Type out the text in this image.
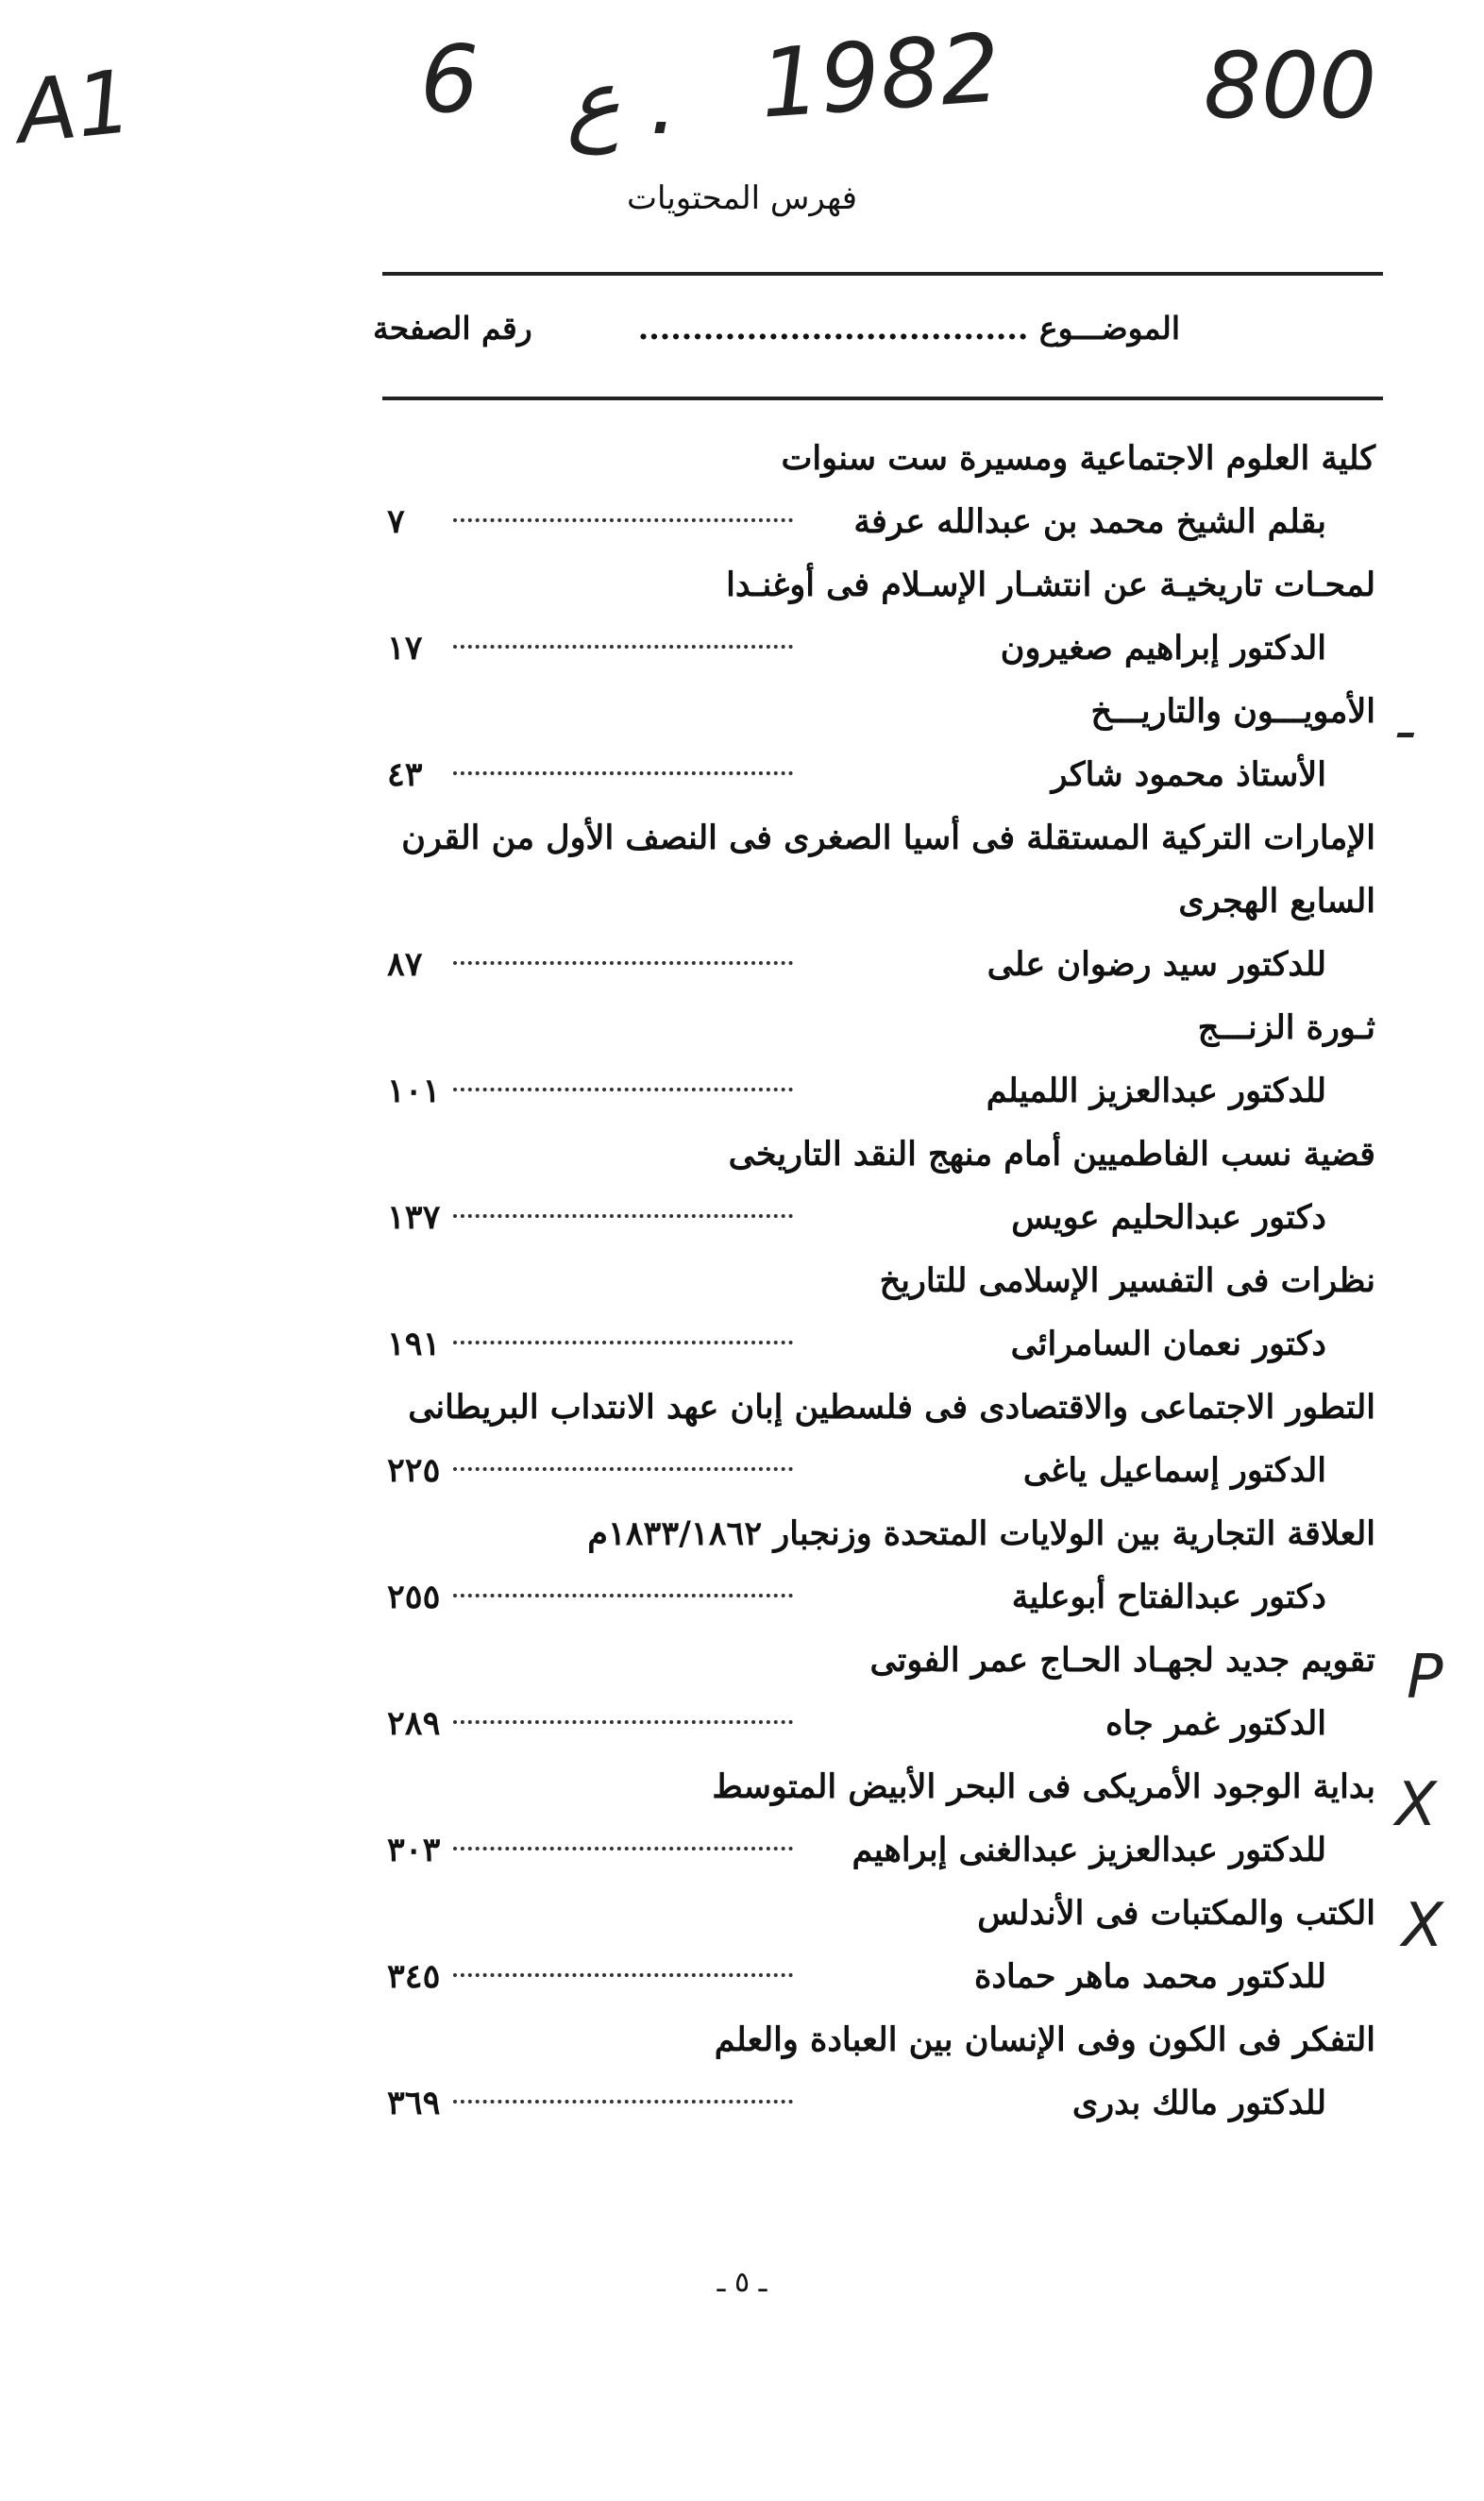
A1	6 ع . 1982 800
فهرس المحتويات
الموضـــوع ....................................
رقم الصفحة
كلية العلوم الاجتماعية ومسيرة ست سنوات
بقلم الشيخ محمد بن عبدالله عرفة
٧
لمحـات تاريخيـة عن انتشـار الإسـلام فى أوغنـدا
الدكتور إبراهيم صغيرون
١٧
الأمويـــون والتاريـــخ
الأستاذ محمود شاكر
٤٣
الإمارات التركية المستقلة فى أسيا الصغرى فى النصف الأول من القرن
السابع الهجرى
للدكتور سيد رضوان على
٨٧
ثـورة الزنـــج
للدكتور عبدالعزيز اللميلم
١٠١
قضية نسب الفاطميين أمام منهج النقد التاريخى
دكتور عبدالحليم عويس
١٣٧
نظرات فى التفسير الإسلامى للتاريخ
دكتور نعمان السامرائى
١٩١
التطور الاجتماعى والاقتصادى فى فلسطين إبان عهد الانتداب البريطانى
الدكتور إسماعيل ياغى
٢٢٥
العلاقة التجارية بين الولايات المتحدة وزنجبار ١٨٣٣/١٨٦٢م
دكتور عبدالفتاح أبوعلية
٢٥٥
تقويم جديد لجهـاد الحـاج عمر الفوتى
الدكتور غمر جاه
٢٨٩
بداية الوجود الأمريكى فى البحر الأبيض المتوسط
للدكتور عبدالعزيز عبدالغنى إبراهيم
٣٠٣
الكتب والمكتبات فى الأندلس
للدكتور محمد ماهر حمادة
٣٤٥
التفكر فى الكون وفى الإنسان بين العبادة والعلم
للدكتور مالك بدرى
٣٦٩
ـ
P
X
X
ـ ٥ ـ
